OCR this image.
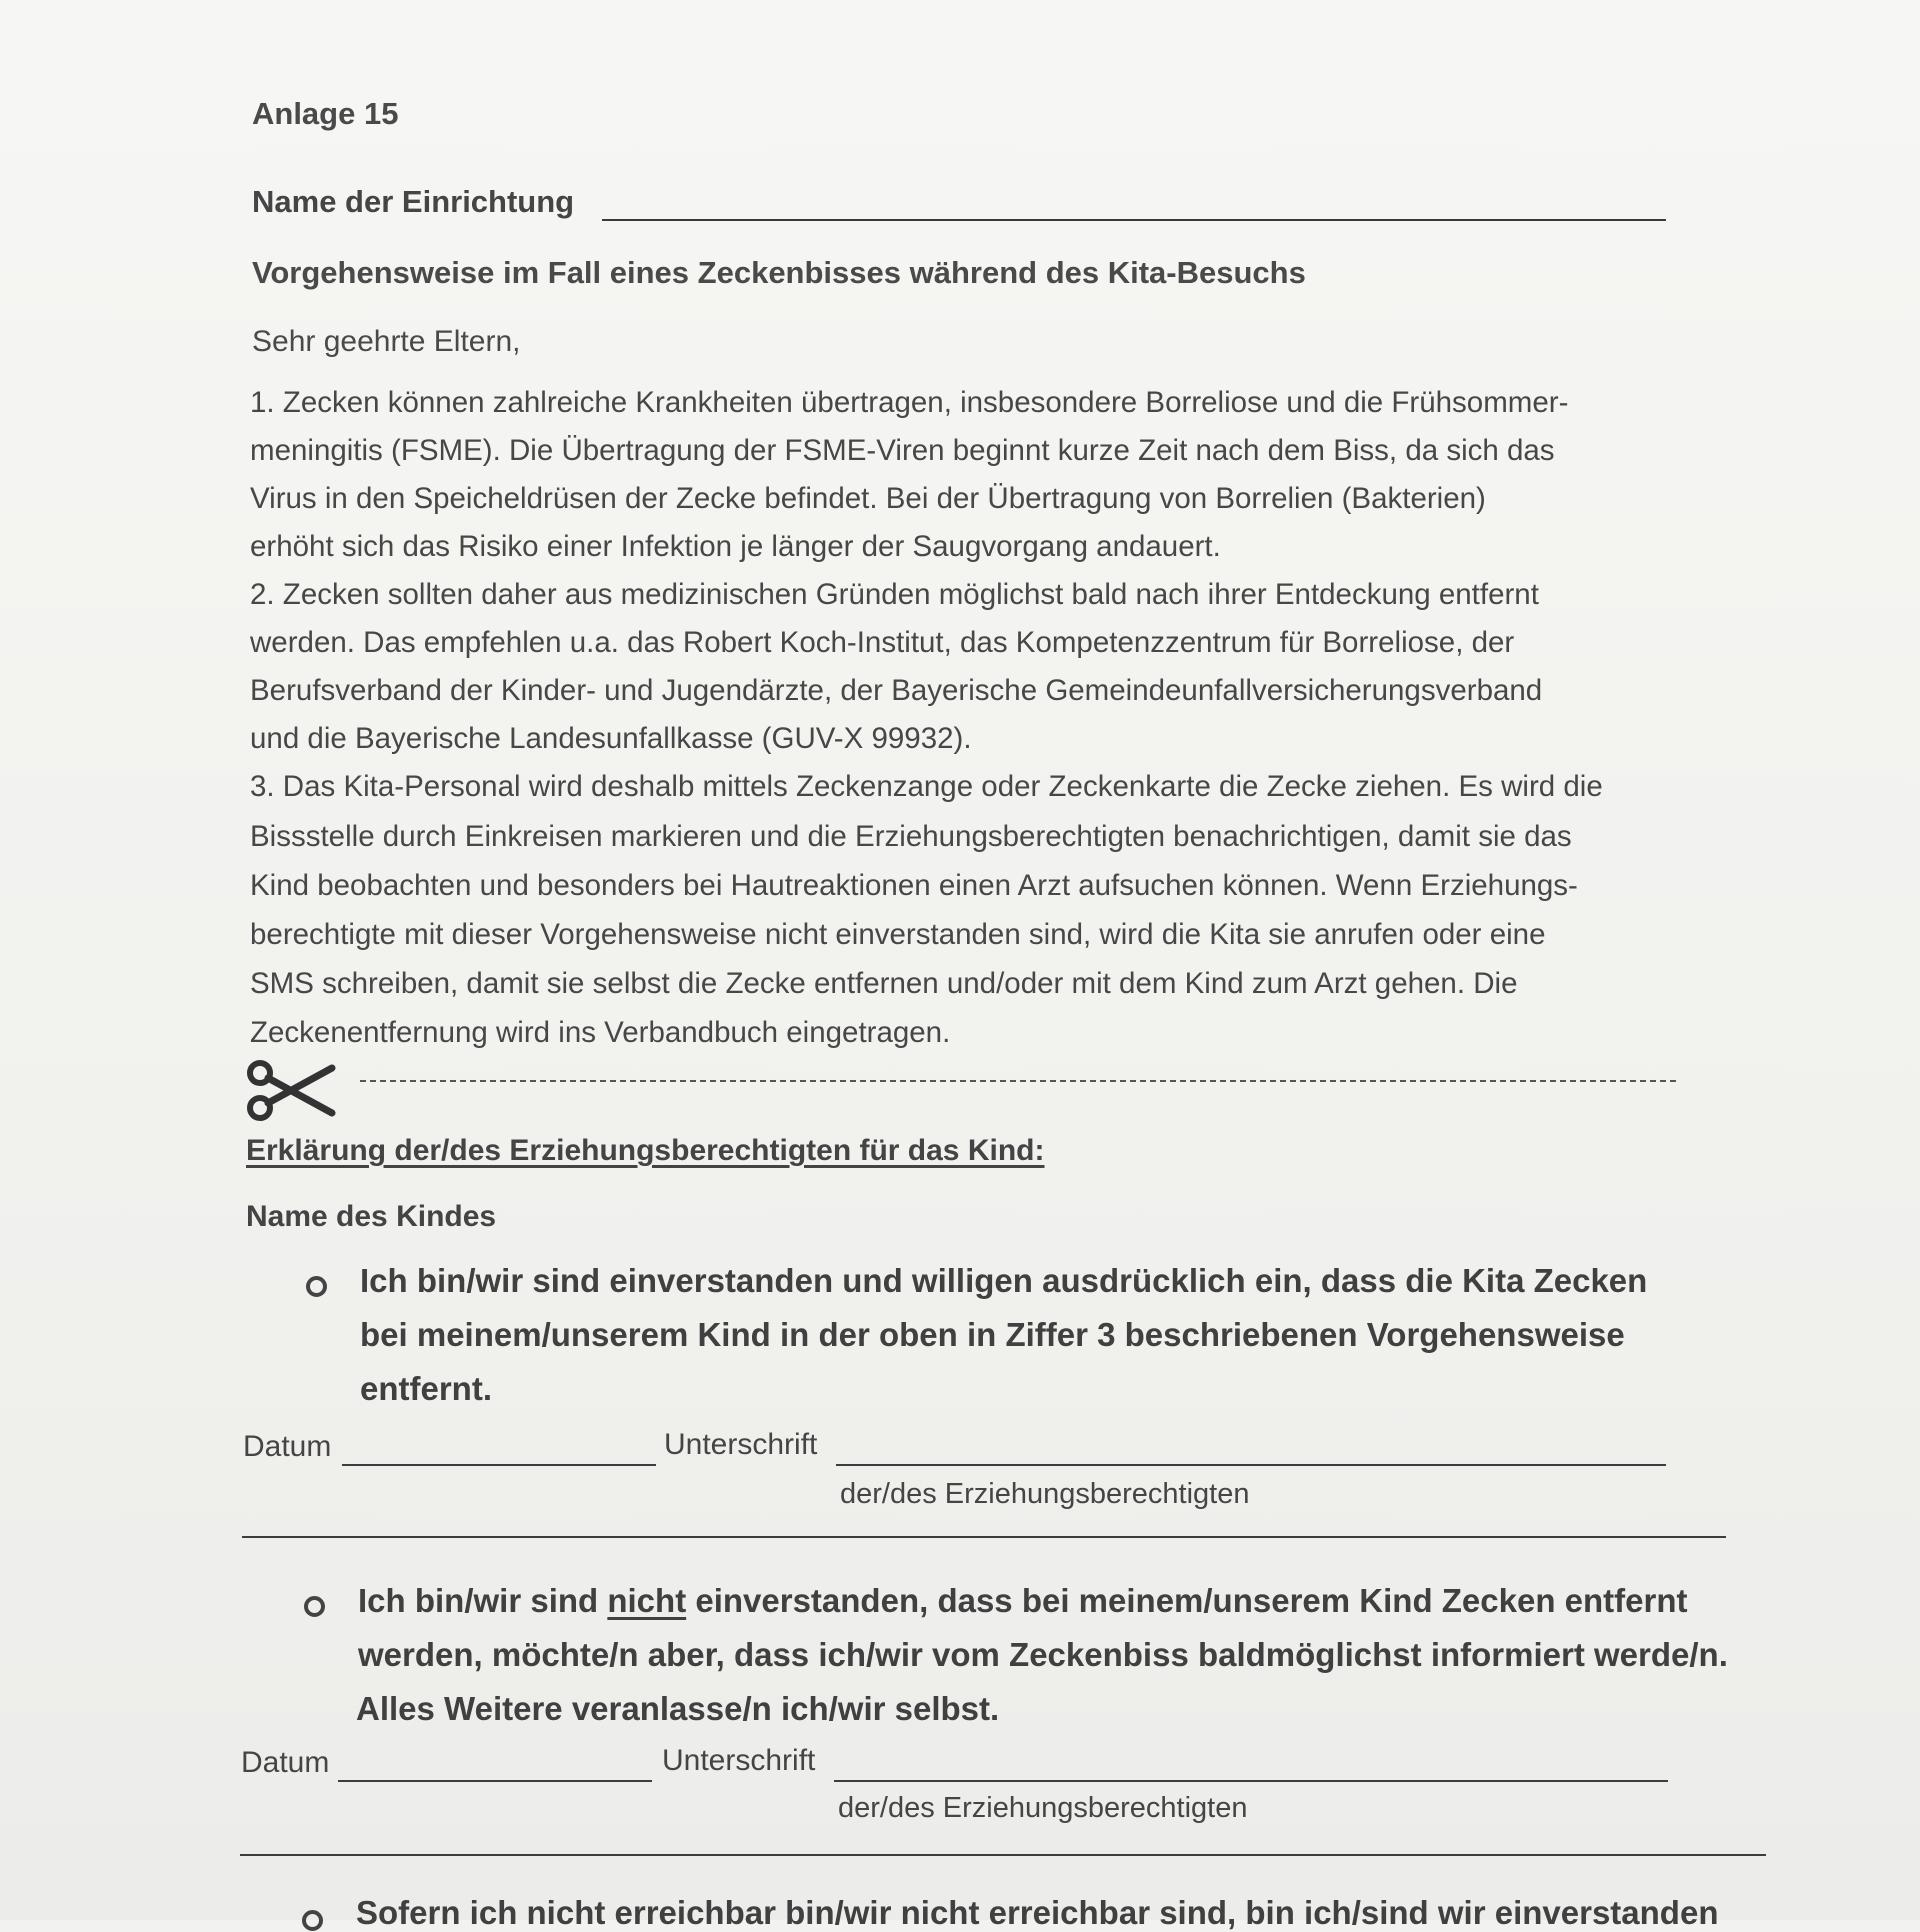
Anlage 15
Name der Einrichtung
Vorgehensweise im Fall eines Zeckenbisses während des Kita-Besuchs
Sehr geehrte Eltern,
1. Zecken können zahlreiche Krankheiten übertragen, insbesondere Borreliose und die Frühsommer-
meningitis (FSME). Die Übertragung der FSME-Viren beginnt kurze Zeit nach dem Biss, da sich das
Virus in den Speicheldrüsen der Zecke befindet. Bei der Übertragung von Borrelien (Bakterien)
erhöht sich das Risiko einer Infektion je länger der Saugvorgang andauert.
2. Zecken sollten daher aus medizinischen Gründen möglichst bald nach ihrer Entdeckung entfernt
werden. Das empfehlen u.a. das Robert Koch-Institut, das Kompetenzzentrum für Borreliose, der
Berufsverband der Kinder- und Jugendärzte, der Bayerische Gemeindeunfallversicherungsverband
und die Bayerische Landesunfallkasse (GUV-X 99932).
3. Das Kita-Personal wird deshalb mittels Zeckenzange oder Zeckenkarte die Zecke ziehen. Es wird die
Bissstelle durch Einkreisen markieren und die Erziehungsberechtigten benachrichtigen, damit sie das
Kind beobachten und besonders bei Hautreaktionen einen Arzt aufsuchen können. Wenn Erziehungs-
berechtigte mit dieser Vorgehensweise nicht einverstanden sind, wird die Kita sie anrufen oder eine
SMS schreiben, damit sie selbst die Zecke entfernen und/oder mit dem Kind zum Arzt gehen. Die
Zeckenentfernung wird ins Verbandbuch eingetragen.
Erklärung der/des Erziehungsberechtigten für das Kind:
Name des Kindes
Ich bin/wir sind einverstanden und willigen ausdrücklich ein, dass die Kita Zecken
bei meinem/unserem Kind in der oben in Ziffer 3 beschriebenen Vorgehensweise
entfernt.
Datum	Unterschrift
der/des Erziehungsberechtigten
Ich bin/wir sind nicht einverstanden, dass bei meinem/unserem Kind Zecken entfernt
werden, möchte/n aber, dass ich/wir vom Zeckenbiss baldmöglichst informiert werde/n.
Alles Weitere veranlasse/n ich/wir selbst.
Datum	Unterschrift
der/des Erziehungsberechtigten
Sofern ich nicht erreichbar bin/wir nicht erreichbar sind, bin ich/sind wir einverstanden
